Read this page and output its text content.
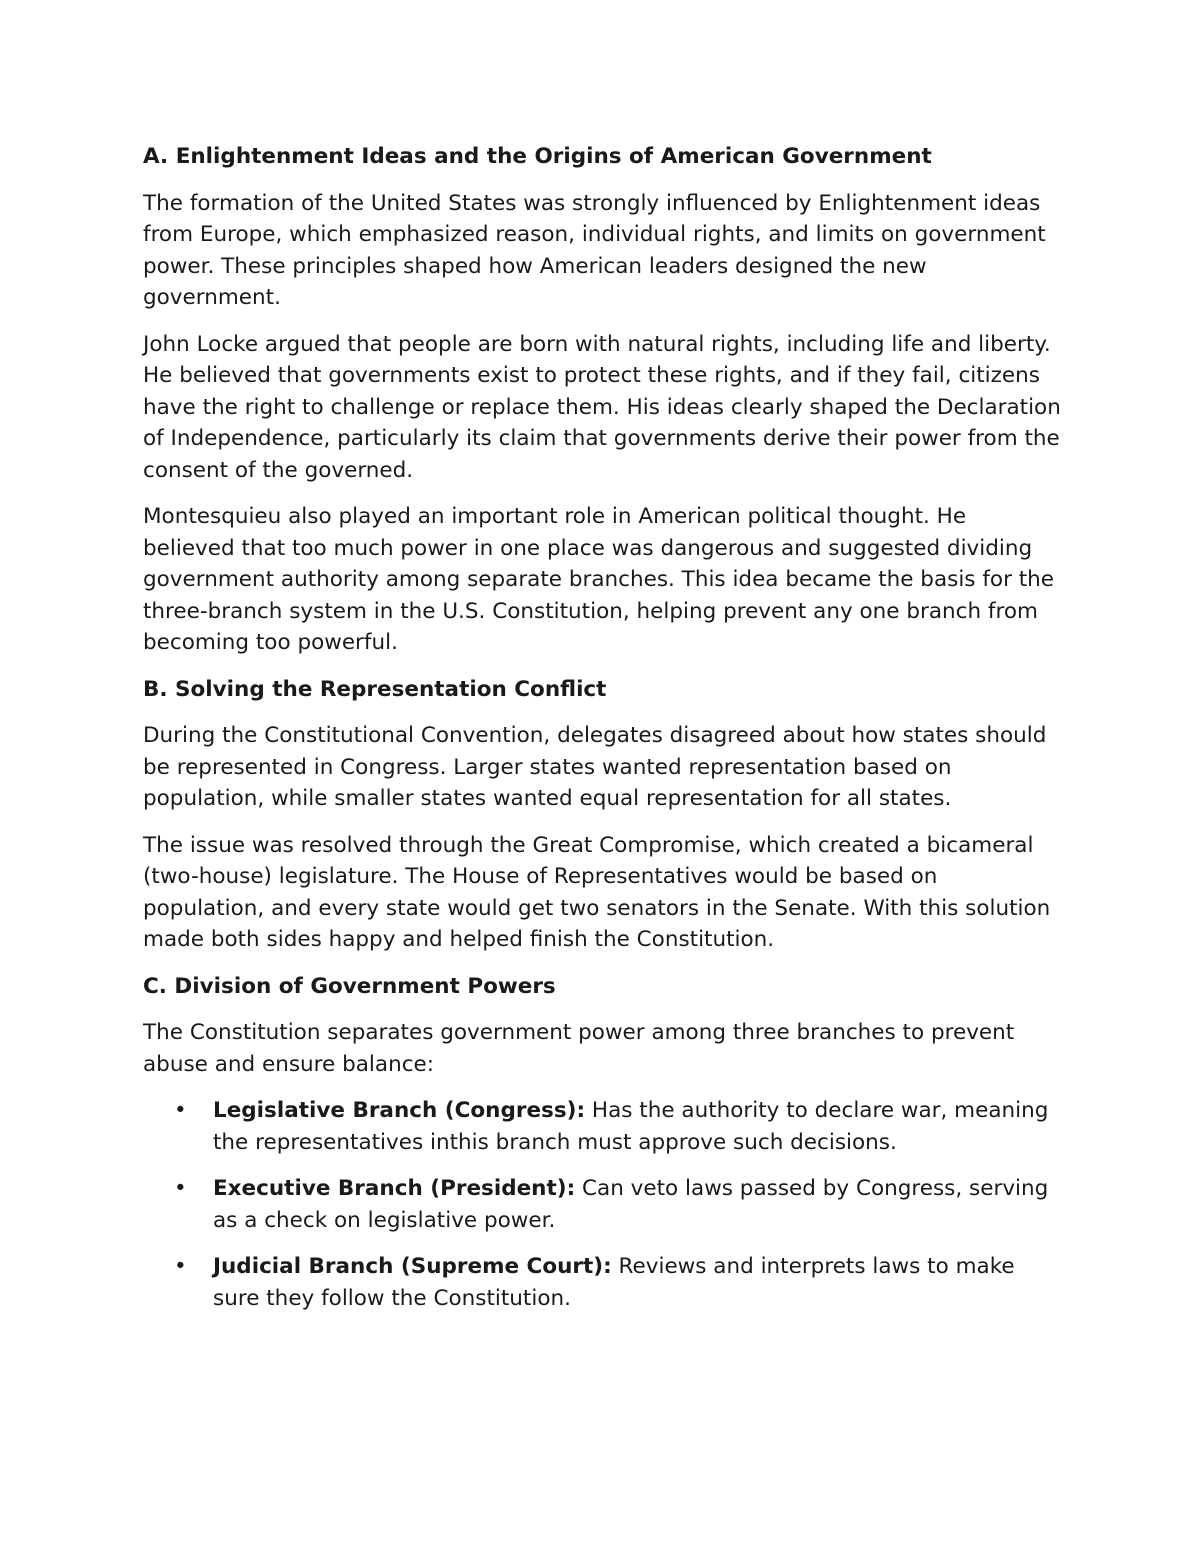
A. Enlightenment Ideas and the Origins of American Government

The formation of the United States was strongly influenced by Enlightenment ideas from Europe, which emphasized reason, individual rights, and limits on government power. These principles shaped how American leaders designed the new government.

John Locke argued that people are born with natural rights, including life and liberty. He believed that governments exist to protect these rights, and if they fail, citizens have the right to challenge or replace them. His ideas clearly shaped the Declaration of Independence, particularly its claim that governments derive their power from the consent of the governed.

Montesquieu also played an important role in American political thought. He believed that too much power in one place was dangerous and suggested dividing government authority among separate branches. This idea became the basis for the three-branch system in the U.S. Constitution, helping prevent any one branch from becoming too powerful.

B. Solving the Representation Conflict

During the Constitutional Convention, delegates disagreed about how states should be represented in Congress. Larger states wanted representation based on population, while smaller states wanted equal representation for all states.

The issue was resolved through the Great Compromise, which created a bicameral (two-house) legislature. The House of Representatives would be based on population, and every state would get two senators in the Senate. With this solution made both sides happy and helped finish the Constitution.

C. Division of Government Powers

The Constitution separates government power among three branches to prevent abuse and ensure balance:

• Legislative Branch (Congress): Has the authority to declare war, meaning the representatives inthis branch must approve such decisions.
• Executive Branch (President): Can veto laws passed by Congress, serving as a check on legislative power.
• Judicial Branch (Supreme Court): Reviews and interprets laws to make sure they follow the Constitution.
